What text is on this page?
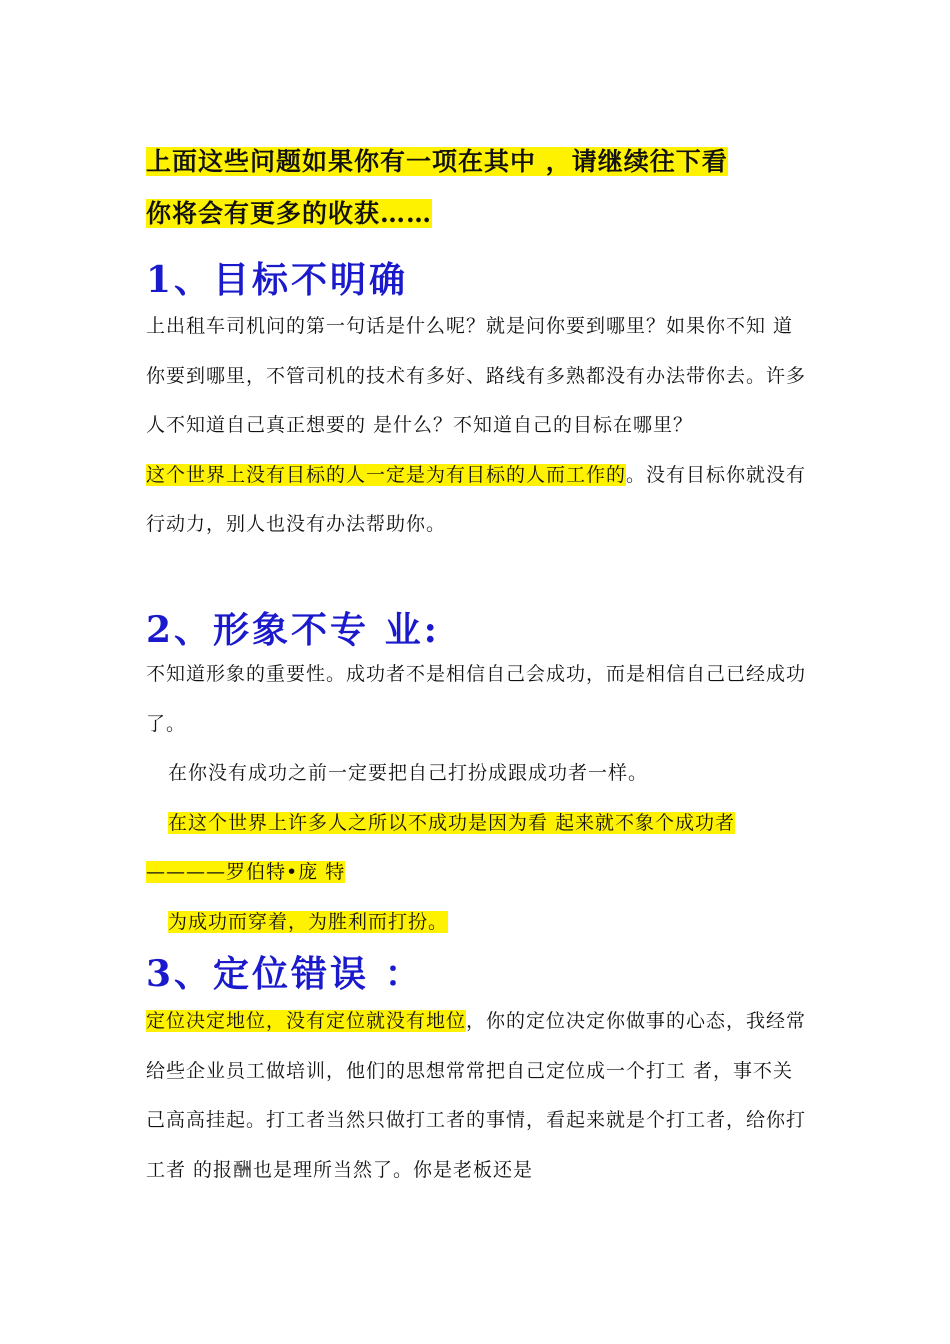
上面这些问题如果你有一项在其中 ，请继续往下看
你将会有更多的收获……
1、目标不明确

上出租车司机问的第一句话是什么呢？就是问你要到哪里？如果你不知 道你要到哪里，不管司机的技术有多好、路线有多熟都没有办法带你去。许多人不知道自己真正想要的 是什么？不知道自己的目标在哪里？

这个世界上没有目标的人一定是为有目标的人而工作的。没有目标你就没有行动力，别人也没有办法帮助你。

2、形象不专 业:

不知道形象的重要性。成功者不是相信自己会成功，而是相信自己已经成功了。

在你没有成功之前一定要把自己打扮成跟成功者一样。

在这个世界上许多人之所以不成功是因为看 起来就不象个成功者

————罗伯特•庞 特

为成功而穿着，为胜利而打扮。

3、定位错误 ：

定位决定地位，没有定位就没有地位，你的定位决定你做事的心态，我经常给些企业员工做培训，他们的思想常常把自己定位成一个打工 者，事不关己高高挂起。打工者当然只做打工者的事情，看起来就是个打工者，给你打工者 的报酬也是理所当然了。你是老板还是
